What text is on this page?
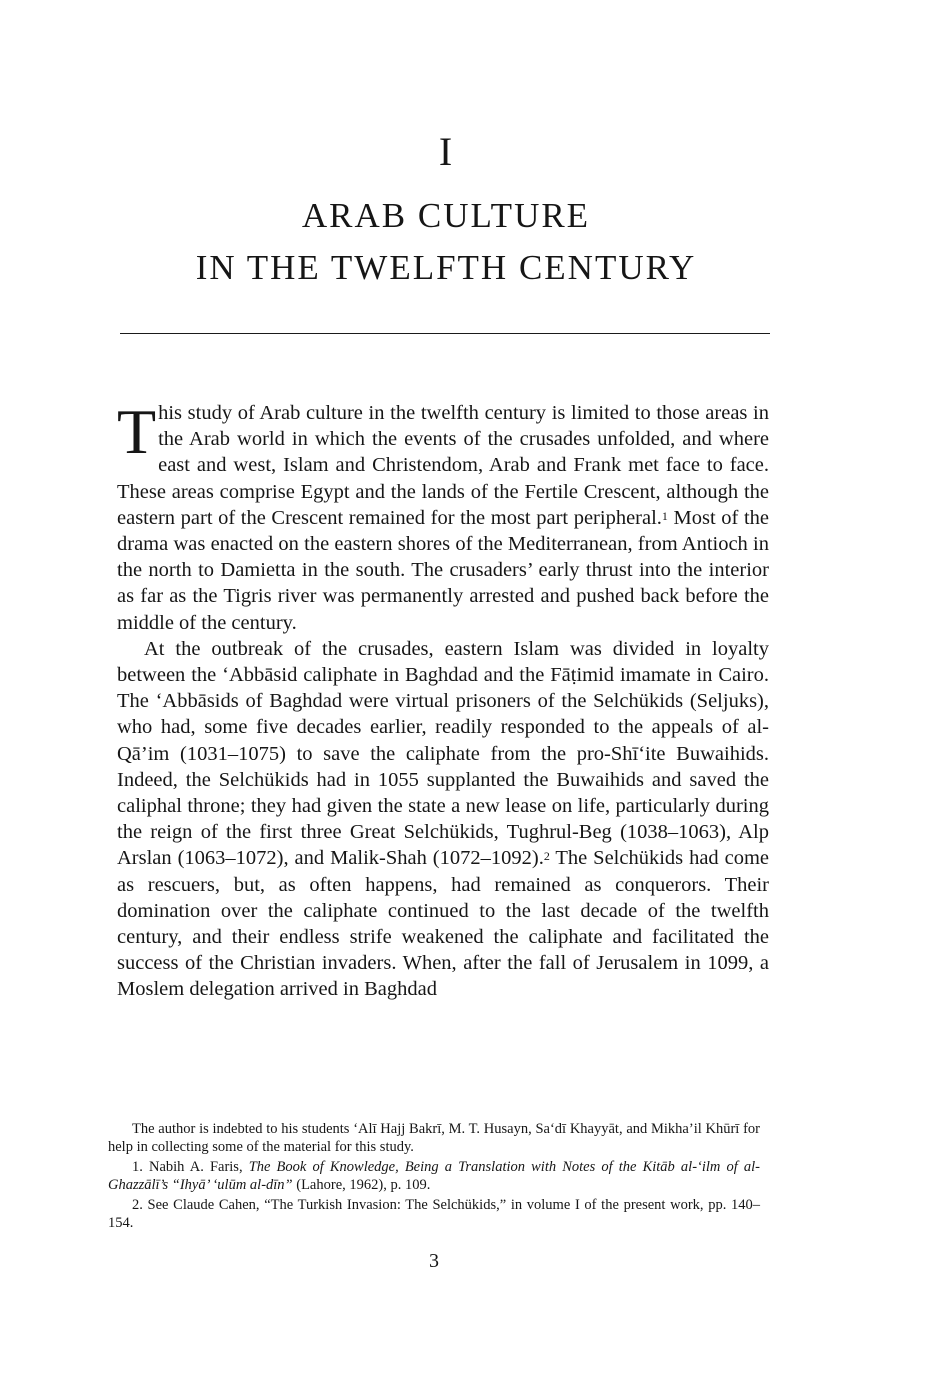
I
ARAB CULTURE
IN THE TWELFTH CENTURY

This study of Arab culture in the twelfth century is limited to those areas in the Arab world in which the events of the crusades unfolded, and where east and west, Islam and Christendom, Arab and Frank met face to face. These areas comprise Egypt and the lands of the Fertile Crescent, although the eastern part of the Crescent remained for the most part peripheral.$^1$ Most of the drama was enacted on the eastern shores of the Mediterranean, from Antioch in the north to Damietta in the south. The crusaders’ early thrust into the interior as far as the Tigris river was permanently arrested and pushed back before the middle of the century.

At the outbreak of the crusades, eastern Islam was divided in loyalty between the ‘Abbāsid caliphate in Baghdad and the Fāṭimid imamate in Cairo. The ‘Abbāsids of Baghdad were virtual prisoners of the Selchükids (Seljuks), who had, some five decades earlier, readily responded to the appeals of al-Qā’im (1031–1075) to save the caliphate from the pro-Shī‘ite Buwaihids. Indeed, the Selchükids had in 1055 supplanted the Buwaihids and saved the caliphal throne; they had given the state a new lease on life, particularly during the reign of the first three Great Selchükids, Tughrul-Beg (1038–1063), Alp Arslan (1063–1072), and Malik-Shah (1072–1092).$^2$ The Selchükids had come as rescuers, but, as often happens, had remained as conquerors. Their domination over the caliphate continued to the last decade of the twelfth century, and their endless strife weakened the caliphate and facilitated the success of the Christian invaders. When, after the fall of Jerusalem in 1099, a Moslem delegation arrived in Baghdad

The author is indebted to his students ‘Alī Hajj Bakrī, M. T. Husayn, Sa‘dī Khayyāt, and Mikha’il Khūrī for help in collecting some of the material for this study.

1. Nabih A. Faris, The Book of Knowledge, Being a Translation with Notes of the Kitāb al-‘ilm of al-Ghazzālī’s “Ihyā’ ‘ulūm al-dīn” (Lahore, 1962), p. 109.

2. See Claude Cahen, “The Turkish Invasion: The Selchükids,” in volume I of the present work, pp. 140–154.

3
